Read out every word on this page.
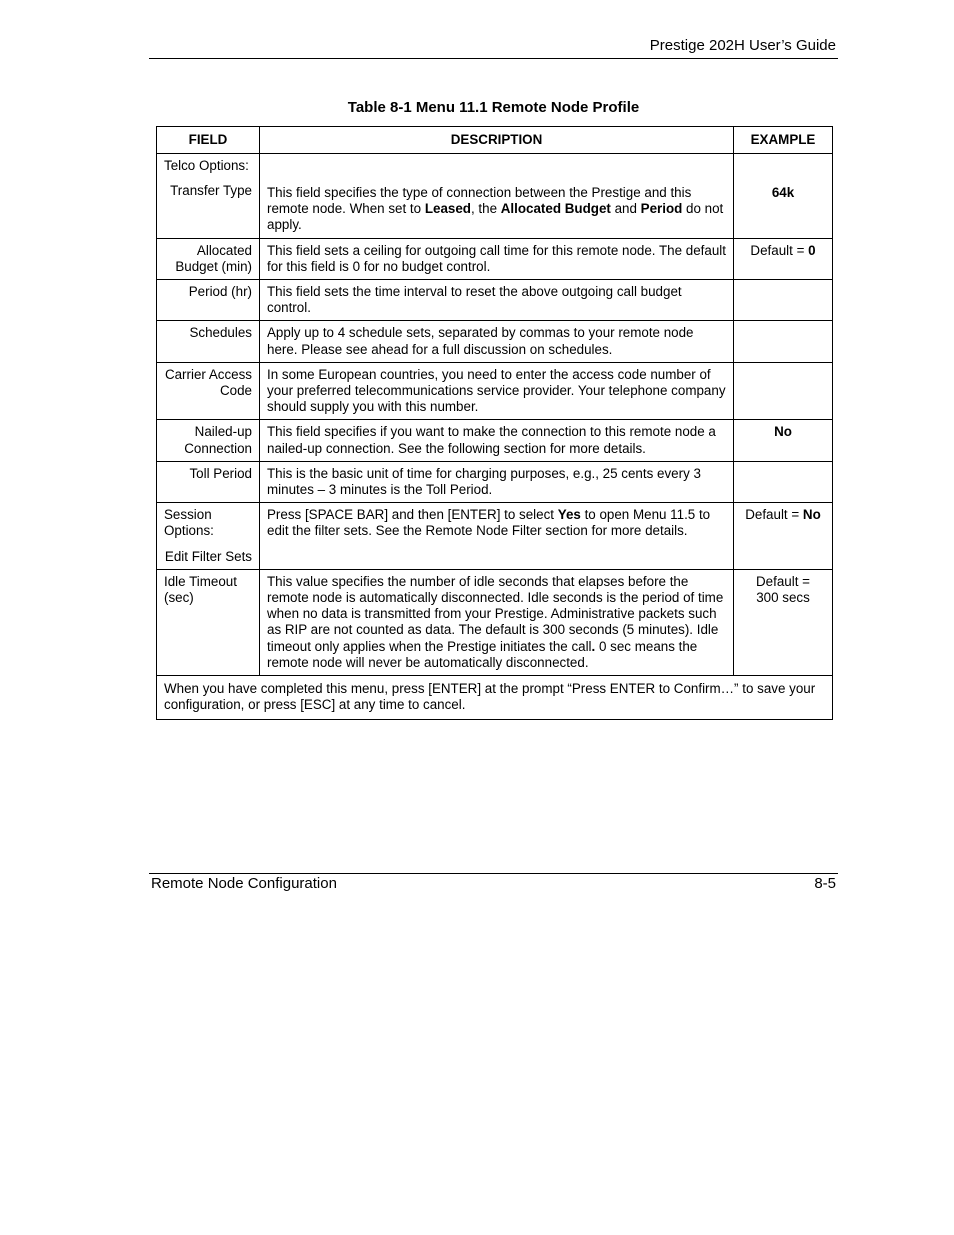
Prestige 202H User’s Guide
Table 8-1 Menu 11.1 Remote Node Profile
FIELD	DESCRIPTION	EXAMPLE

Telco Options:
Transfer Type	This field specifies the type of connection between the Prestige and this remote node. When set to Leased, the Allocated Budget and Period do not apply.	64k
Allocated Budget (min)	This field sets a ceiling for outgoing call time for this remote node. The default for this field is 0 for no budget control.	Default = 0
Period (hr)	This field sets the time interval to reset the above outgoing call budget control.	
Schedules	Apply up to 4 schedule sets, separated by commas to your remote node here. Please see ahead for a full discussion on schedules.	
Carrier Access Code	In some European countries, you need to enter the access code number of your preferred telecommunications service provider. Your telephone company should supply you with this number.	
Nailed-up Connection	This field specifies if you want to make the connection to this remote node a nailed-up connection. See the following section for more details.	No
Toll Period	This is the basic unit of time for charging purposes, e.g., 25 cents every 3 minutes – 3 minutes is the Toll Period.	

Session Options:
Edit Filter Sets	Press [SPACE BAR] and then [ENTER] to select Yes to open Menu 11.5 to edit the filter sets. See the Remote Node Filter section for more details.	Default = No
Idle Timeout (sec)	This value specifies the number of idle seconds that elapses before the remote node is automatically disconnected. Idle seconds is the period of time when no data is transmitted from your Prestige. Administrative packets such as RIP are not counted as data. The default is 300 seconds (5 minutes). Idle timeout only applies when the Prestige initiates the call. 0 sec means the remote node will never be automatically disconnected.	Default = 300 secs
When you have completed this menu, press [ENTER] at the prompt “Press ENTER to Confirm…” to save your configuration, or press [ESC] at any time to cancel.		
Remote Node Configuration	8-5
